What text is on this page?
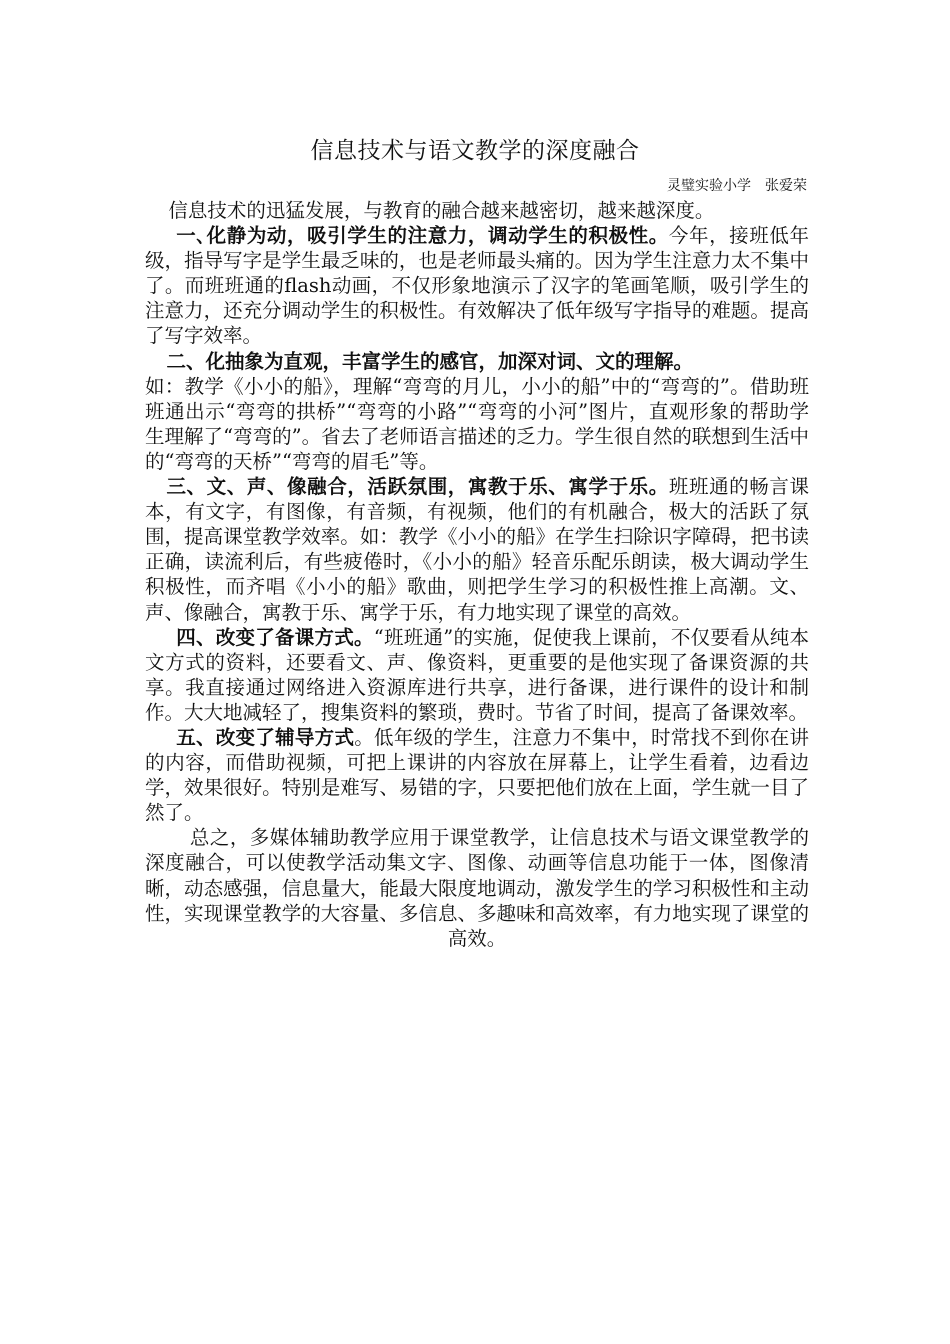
信息技术与语文教学的深度融合
灵璧实验小学　张爱荣

信息技术的迅猛发展，与教育的融合越来越密切，越来越深度。

一､化静为动，吸引学生的注意力，调动学生的积极性。今年，接班低年级，指导写字是学生最乏味的，也是老师最头痛的。因为学生注意力太不集中了。而班班通的flash动画，不仅形象地演示了汉字的笔画笔顺，吸引学生的注意力，还充分调动学生的积极性。有效解决了低年级写字指导的难题。提高了写字效率。

二、化抽象为直观，丰富学生的感官，加深对词、文的理解。

如：教学《小小的船》，理解“弯弯的月儿，小小的船”中的“弯弯的”。借助班班通出示“弯弯的拱桥”“弯弯的小路”“弯弯的小河”图片，直观形象的帮助学生理解了“弯弯的”。省去了老师语言描述的乏力。学生很自然的联想到生活中的“弯弯的天桥”“弯弯的眉毛”等。

三、文、声、像融合，活跃氛围，寓教于乐、寓学于乐。班班通的畅言课本，有文字，有图像，有音频，有视频，他们的有机融合，极大的活跃了氛围，提高课堂教学效率。如：教学《小小的船》在学生扫除识字障碍，把书读正确，读流利后，有些疲倦时，《小小的船》轻音乐配乐朗读，极大调动学生积极性，而齐唱《小小的船》歌曲，则把学生学习的积极性推上高潮。文、声、像融合，寓教于乐、寓学于乐，有力地实现了课堂的高效。

四、改变了备课方式。“班班通”的实施，促使我上课前，不仅要看从纯本文方式的资料，还要看文、声、像资料，更重要的是他实现了备课资源的共享。我直接通过网络进入资源库进行共享，进行备课，进行课件的设计和制作。大大地减轻了，搜集资料的繁琐，费时。节省了时间，提高了备课效率。

五、改变了辅导方式。低年级的学生，注意力不集中，时常找不到你在讲的内容，而借助视频，可把上课讲的内容放在屏幕上，让学生看着，边看边学，效果很好。特别是难写、易错的字，只要把他们放在上面，学生就一目了然了。

总之，多媒体辅助教学应用于课堂教学，让信息技术与语文课堂教学的深度融合，可以使教学活动集文字、图像、动画等信息功能于一体，图像清晰，动态感强，信息量大，能最大限度地调动，激发学生的学习积极性和主动性，实现课堂教学的大容量、多信息、多趣味和高效率，有力地实现了课堂的高效。
